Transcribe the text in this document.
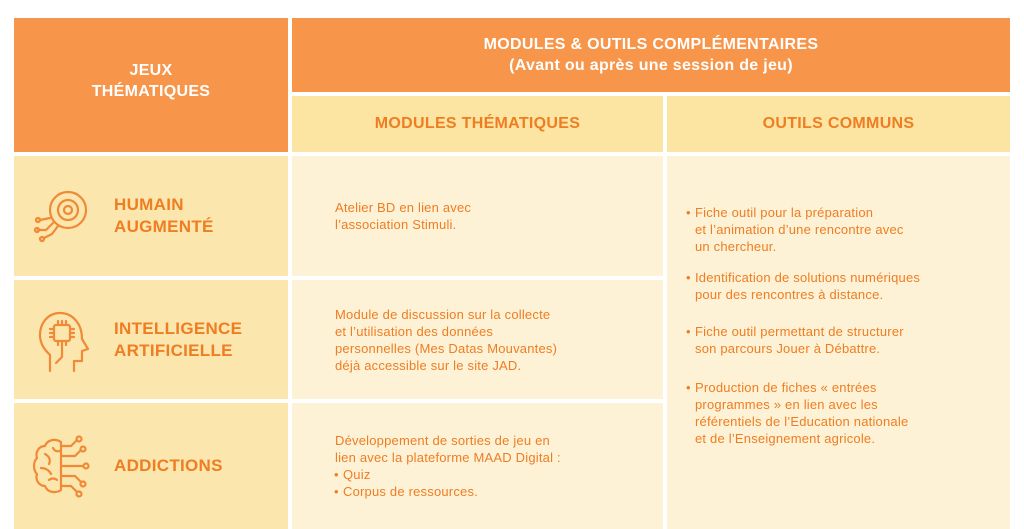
JEUX
THÉMATIQUES
MODULES & OUTILS COMPLÉMENTAIRES
(Avant ou après une session de jeu)
MODULES THÉMATIQUES	OUTILS COMMUNS
HUMAIN
AUGMENTÉ
INTELLIGENCE
ARTIFICIELLE
ADDICTIONS
Atelier BD en lien avec
l’association Stimuli.
Module de discussion sur la collecte
et l’utilisation des données
personnelles (Mes Datas Mouvantes)
déjà accessible sur le site JAD.
Développement de sorties de jeu en
lien avec la plateforme MAAD Digital :
• Quiz
• Corpus de ressources.
• Fiche outil pour la préparation
et l’animation d’une rencontre avec
un chercheur.
• Identification de solutions numériques
pour des rencontres à distance.
• Fiche outil permettant de structurer
son parcours Jouer à Débattre.
• Production de fiches « entrées
programmes » en lien avec les
référentiels de l’Education nationale
et de l’Enseignement agricole.
